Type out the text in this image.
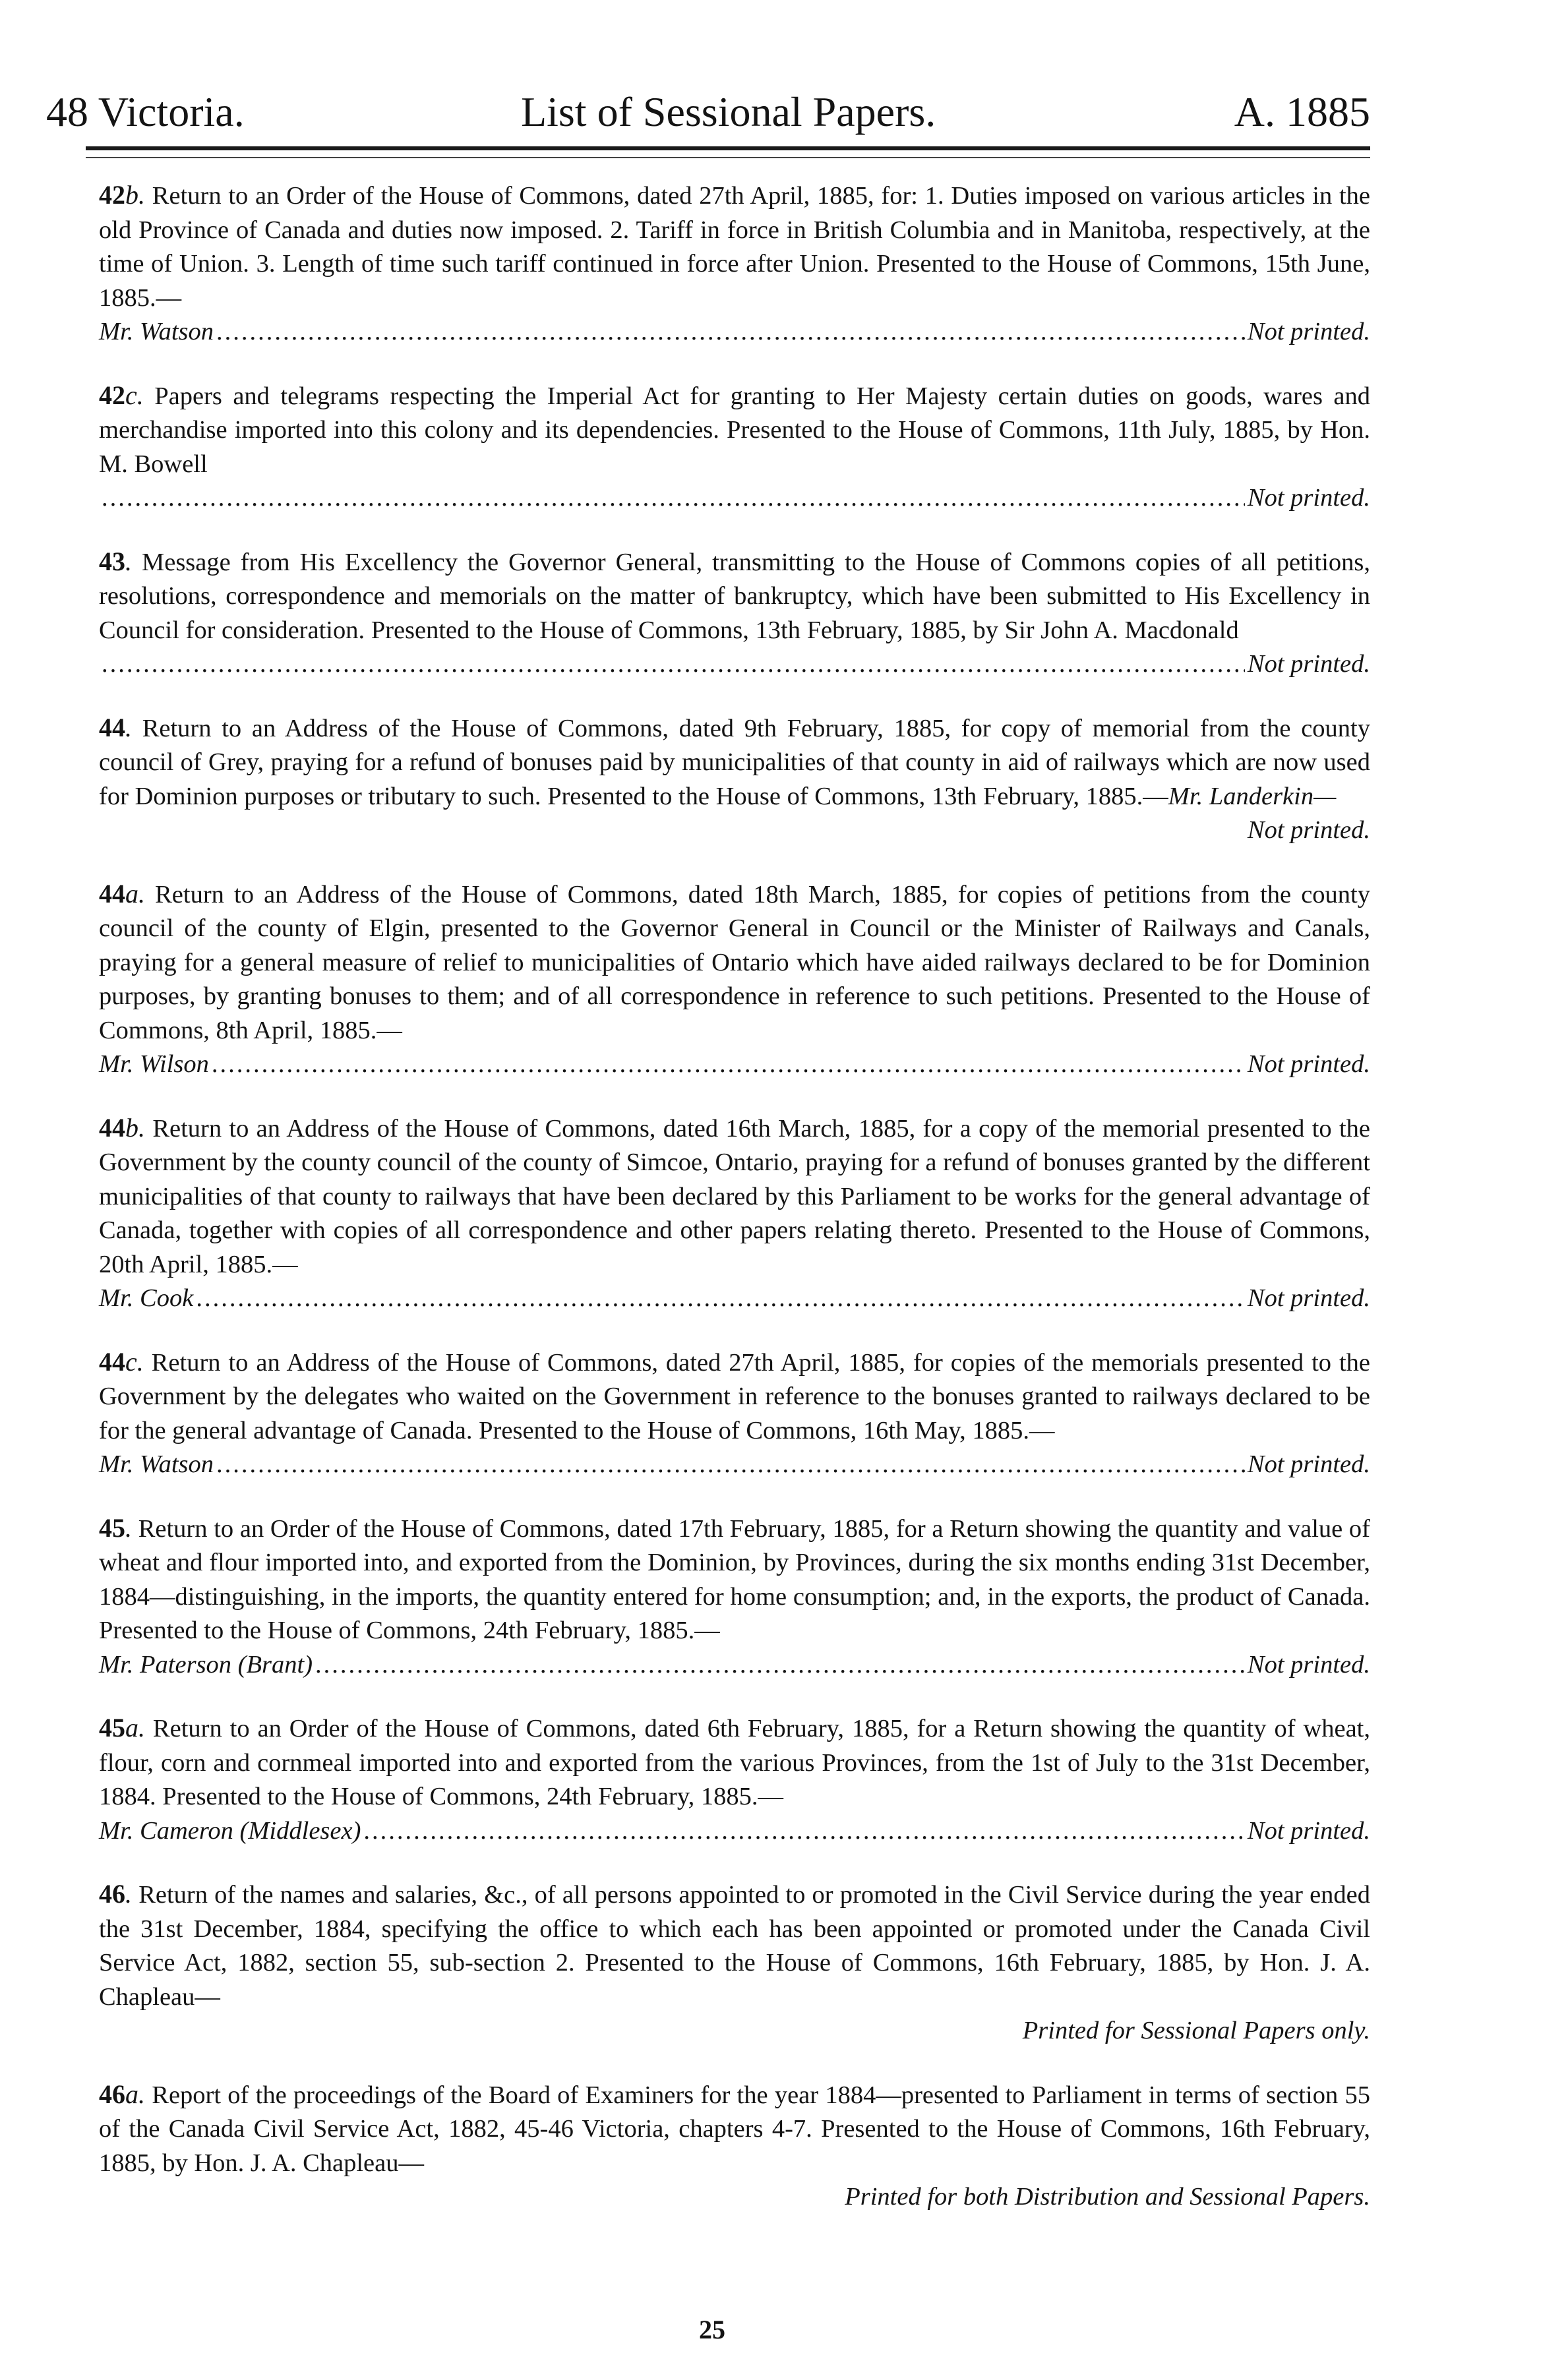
48 Victoria.	List of Sessional Papers.	A. 1885
42b. Return to an Order of the House of Commons, dated 27th April, 1885, for: 1. Duties imposed on various articles in the old Province of Canada and duties now imposed. 2. Tariff in force in British Columbia and in Manitoba, respectively, at the time of Union. 3. Length of time such tariff continued in force after Union. Presented to the House of Commons, 15th June, 1885.—
Mr. Watson .....	Not printed.
42c. Papers and telegrams respecting the Imperial Act for granting to Her Majesty certain duties on goods, wares and merchandise imported into this colony and its dependencies. Presented to the House of Commons, 11th July, 1885, by Hon. M. Bowell
.....
Not printed.
43. Message from His Excellency the Governor General, transmitting to the House of Commons copies of all petitions, resolutions, correspondence and memorials on the matter of bankruptcy, which have been submitted to His Excellency in Council for consideration. Presented to the House of Commons, 13th February, 1885, by Sir John A. Macdonald
.....
Not printed.
44. Return to an Address of the House of Commons, dated 9th February, 1885, for copy of memorial from the county council of Grey, praying for a refund of bonuses paid by municipalities of that county in aid of railways which are now used for Dominion purposes or tributary to such. Presented to the House of Commons, 13th February, 1885.—Mr. Landerkin—
Not printed.
44a. Return to an Address of the House of Commons, dated 18th March, 1885, for copies of petitions from the county council of the county of Elgin, presented to the Governor General in Council or the Minister of Railways and Canals, praying for a general measure of relief to municipalities of Ontario which have aided railways declared to be for Dominion purposes, by granting bonuses to them; and of all correspondence in reference to such petitions. Presented to the House of Commons, 8th April, 1885.—
Mr. Wilson .....	Not printed.
44b. Return to an Address of the House of Commons, dated 16th March, 1885, for a copy of the memorial presented to the Government by the county council of the county of Simcoe, Ontario, praying for a refund of bonuses granted by the different municipalities of that county to railways that have been declared by this Parliament to be works for the general advantage of Canada, together with copies of all correspondence and other papers relating thereto. Presented to the House of Commons, 20th April, 1885.—
Mr. Cook .....	Not printed.
44c. Return to an Address of the House of Commons, dated 27th April, 1885, for copies of the memorials presented to the Government by the delegates who waited on the Government in reference to the bonuses granted to railways declared to be for the general advantage of Canada. Presented to the House of Commons, 16th May, 1885.—
Mr. Watson .....	Not printed.
45. Return to an Order of the House of Commons, dated 17th February, 1885, for a Return showing the quantity and value of wheat and flour imported into, and exported from the Dominion, by Provinces, during the six months ending 31st December, 1884—distinguishing, in the imports, the quantity entered for home consumption; and, in the exports, the product of Canada. Presented to the House of Commons, 24th February, 1885.—
Mr. Paterson (Brant) .....	Not printed.
45a. Return to an Order of the House of Commons, dated 6th February, 1885, for a Return showing the quantity of wheat, flour, corn and cornmeal imported into and exported from the various Provinces, from the 1st of July to the 31st December, 1884. Presented to the House of Commons, 24th February, 1885.—
Mr. Cameron (Middlesex) .....	Not printed.
46. Return of the names and salaries, &c., of all persons appointed to or promoted in the Civil Service during the year ended the 31st December, 1884, specifying the office to which each has been appointed or promoted under the Canada Civil Service Act, 1882, section 55, sub-section 2. Presented to the House of Commons, 16th February, 1885, by Hon. J. A. Chapleau—
Printed for Sessional Papers only.
46a. Report of the proceedings of the Board of Examiners for the year 1884—presented to Parliament in terms of section 55 of the Canada Civil Service Act, 1882, 45-46 Victoria, chapters 4-7. Presented to the House of Commons, 16th February, 1885, by Hon. J. A. Chapleau—
Printed for both Distribution and Sessional Papers.
25
